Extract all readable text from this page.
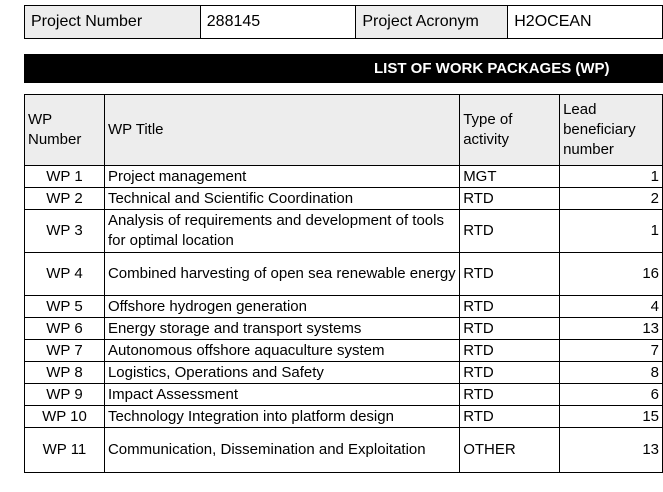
Project Number	288145	Project Acronym	H2OCEAN
LIST OF WORK PACKAGES (WP)
WP Number	WP Title	Type of activity	Lead beneficiary number
WP 1	Project management	MGT	1
WP 2	Technical and Scientific Coordination	RTD	2
WP 3	Analysis of requirements and development of tools for optimal location	RTD	1
WP 4	Combined harvesting of open sea renewable energy	RTD	16
WP 5	Offshore hydrogen generation	RTD	4
WP 6	Energy storage and transport systems	RTD	13
WP 7	Autonomous offshore aquaculture system	RTD	7
WP 8	Logistics, Operations and Safety	RTD	8
WP 9	Impact Assessment	RTD	6
WP 10	Technology Integration into platform design	RTD	15
WP 11	Communication, Dissemination and Exploitation	OTHER	13
